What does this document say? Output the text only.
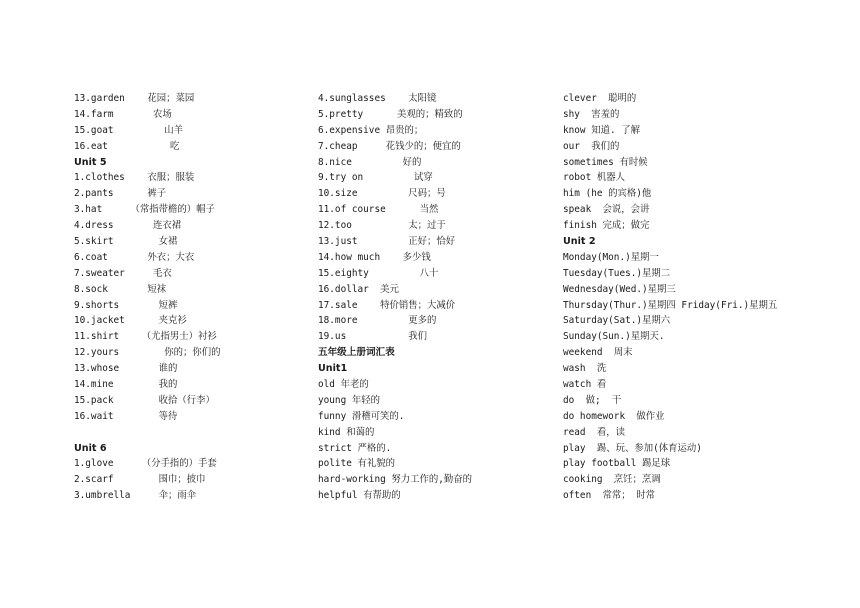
13.garden    花园；菜园
14.farm       农场
15.goat         山羊
16.eat           吃
Unit 5
1.clothes    衣服；服装
2.pants      裤子
3.hat     （常指带檐的）帽子
4.dress       连衣裙
5.skirt        女裙
6.coat       外衣；大衣
7.sweater     毛衣
8.sock       短袜
9.shorts       短裤
10.jacket      夹克衫
11.shirt    （尤指男士）衬衫
12.yours        你的；你们的
13.whose       谁的
14.mine        我的
15.pack        收拾（行李）
16.wait        等待
Unit 6
1.glove     （分手指的）手套
2.scarf        围巾；披巾
3.umbrella     伞；雨伞
4.sunglasses    太阳镜
5.pretty      美观的；精致的
6.expensive 昂贵的；
7.cheap     花钱少的；便宜的
8.nice         好的
9.try on         试穿
10.size         尺码；号
11.of course      当然
12.too          太；过于
13.just         正好；恰好
14.how much    多少钱
15.eighty         八十
16.dollar  美元
17.sale    特价销售；大减价
18.more         更多的
19.us           我们
五年级上册词汇表
Unit1
old 年老的
young 年轻的
funny 滑稽可笑的.
kind 和蔼的
strict 严格的.
polite 有礼貌的
hard-working 努力工作的,勤奋的
helpful 有帮助的
clever  聪明的
shy  害羞的
know 知道. 了解
our  我们的
sometimes 有时候
robot 机器人
him (he 的宾格)他
speak  会说，会讲
finish 完成；做完
Unit 2
Monday(Mon.)星期一
Tuesday(Tues.)星期二
Wednesday(Wed.)星期三
Thursday(Thur.)星期四 Friday(Fri.)星期五
Saturday(Sat.)星期六
Sunday(Sun.)星期天.
weekend  周末
wash  洗
watch 看
do  做;  干
do homework  做作业
read  看，读
play  踢、玩、参加(体育运动)
play football 踢足球
cooking  烹饪；烹调
often  常常； 时常
